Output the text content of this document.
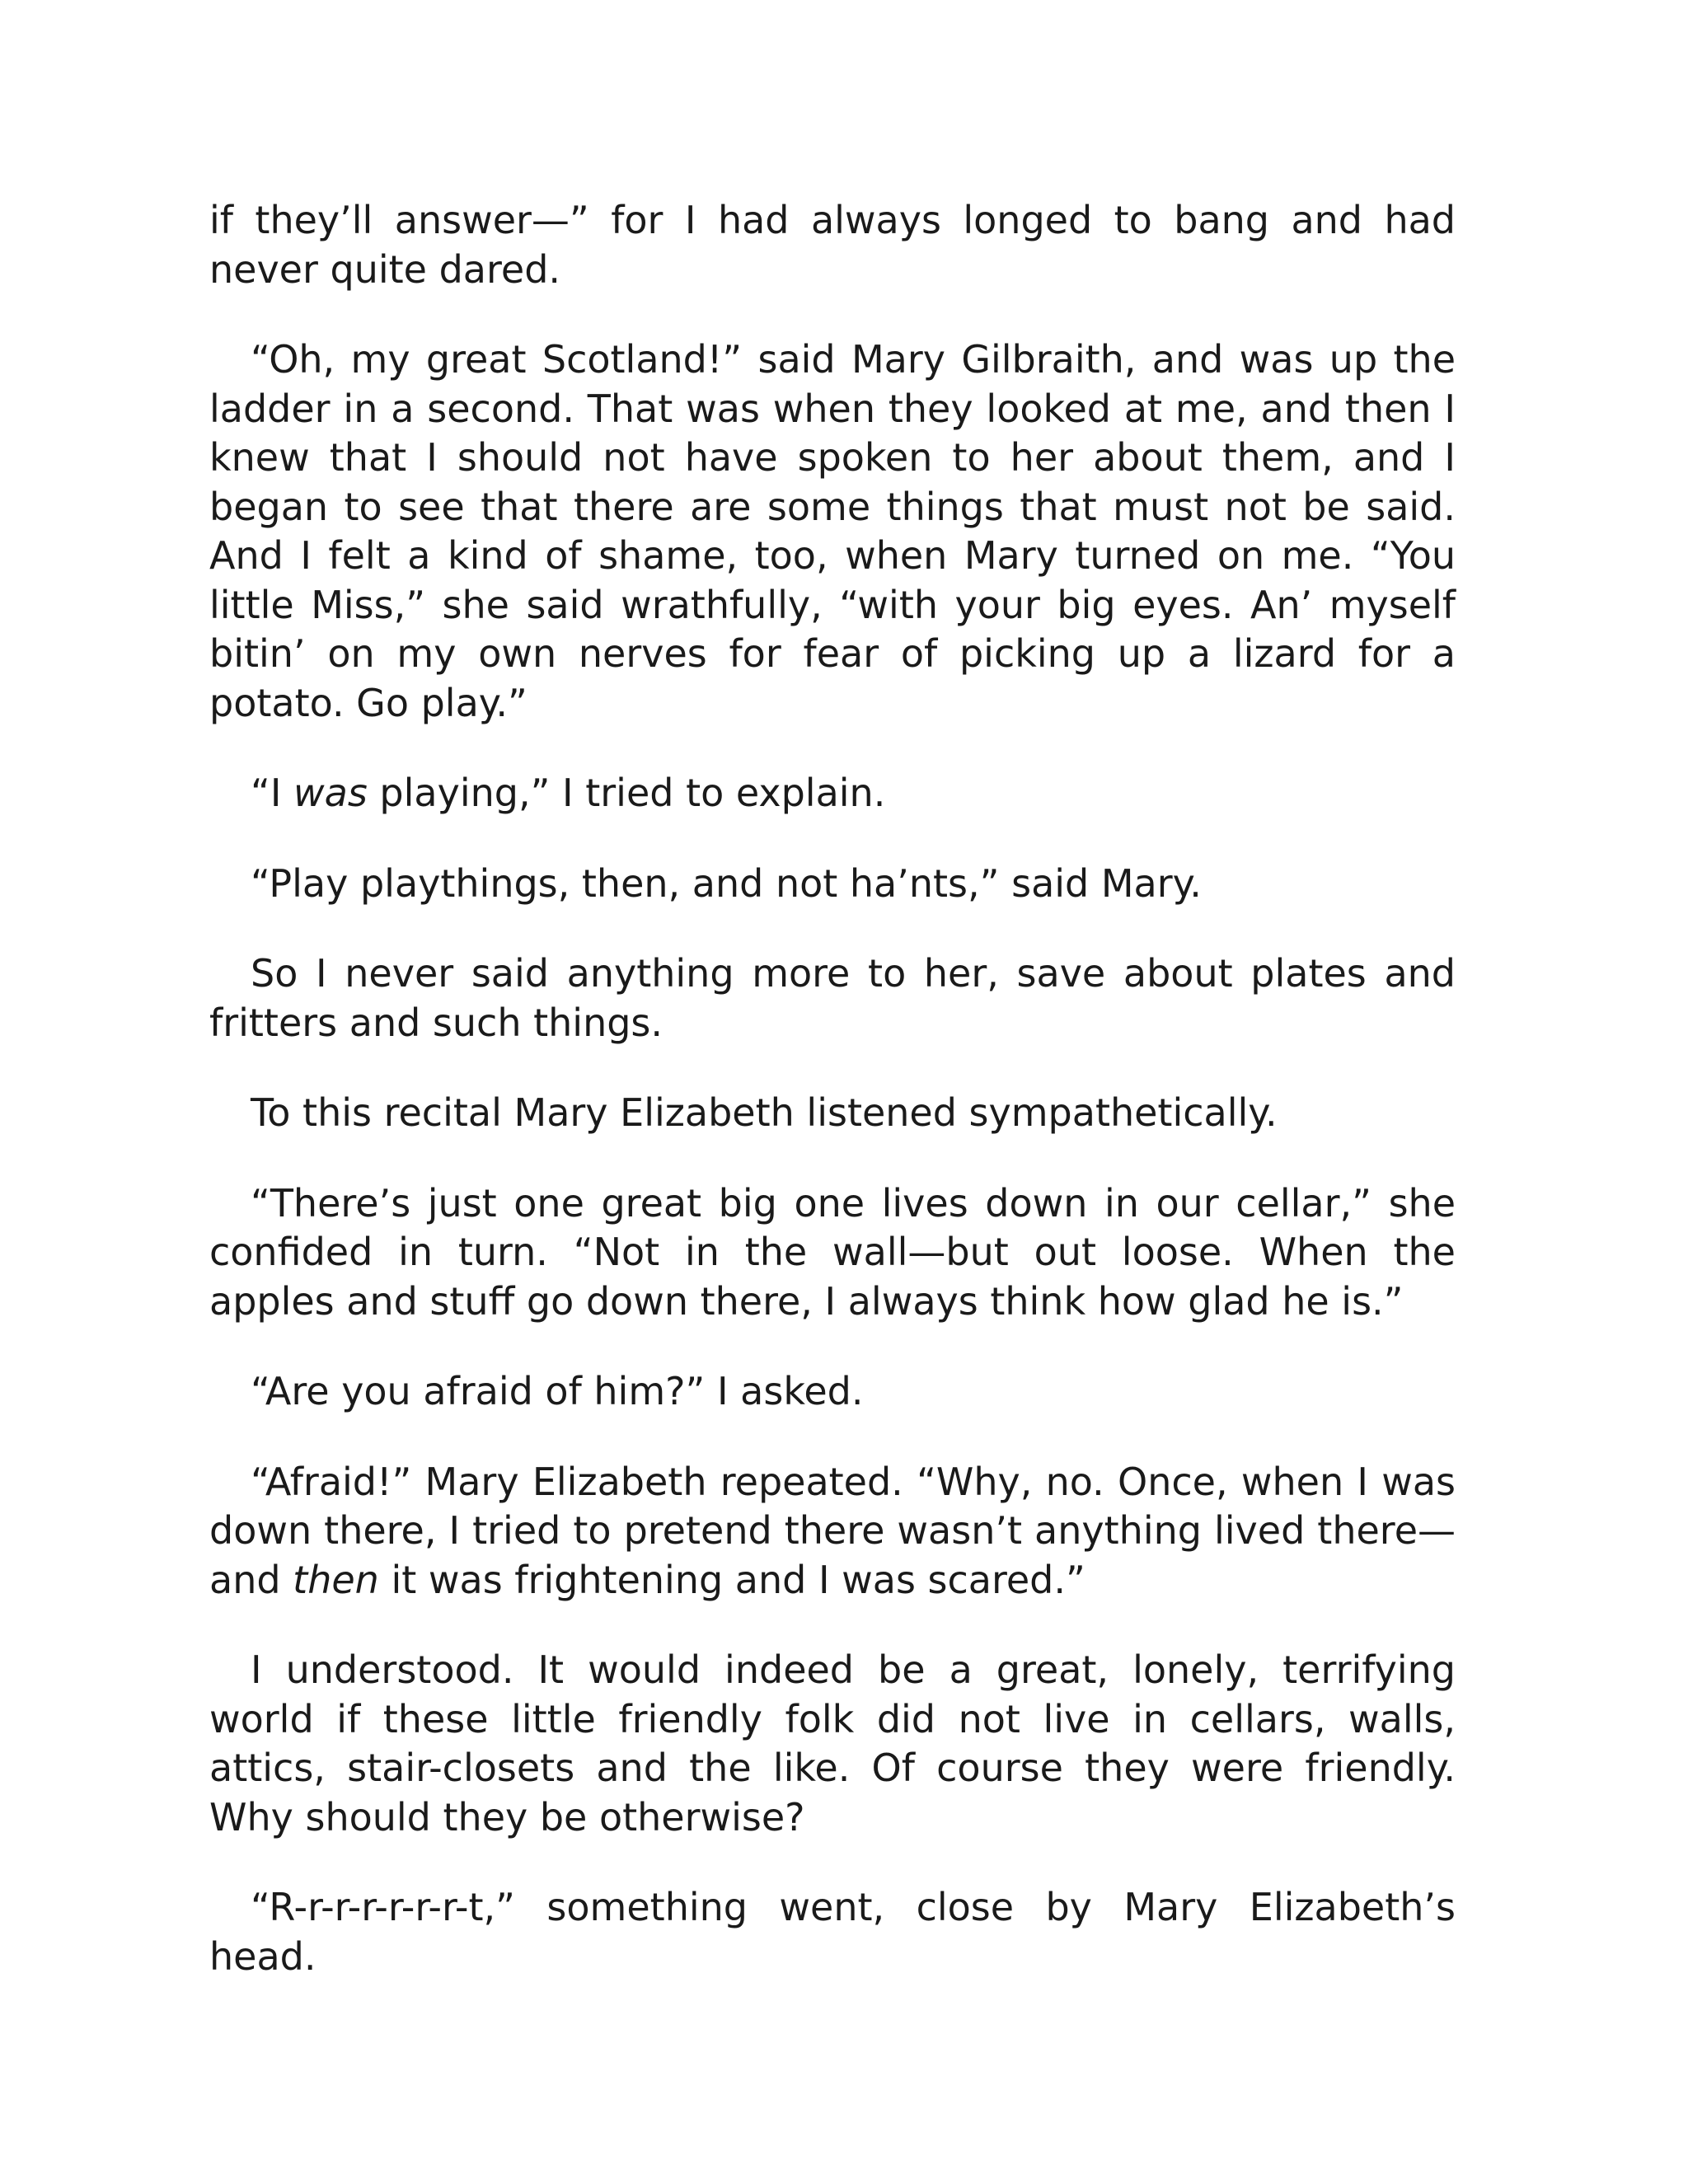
if they’ll answer—” for I had always longed to bang and had never quite dared.

“Oh, my great Scotland!” said Mary Gilbraith, and was up the ladder in a second. That was when they looked at me, and then I knew that I should not have spoken to her about them, and I began to see that there are some things that must not be said. And I felt a kind of shame, too, when Mary turned on me. “You little Miss,” she said wrathfully, “with your big eyes. An’ myself bitin’ on my own nerves for fear of picking up a lizard for a potato. Go play.”

“I was playing,” I tried to explain.

“Play playthings, then, and not ha’nts,” said Mary.

So I never said anything more to her, save about plates and fritters and such things.

To this recital Mary Elizabeth listened sympathetically.

“There’s just one great big one lives down in our cellar,” she confided in turn. “Not in the wall—but out loose. When the apples and stuff go down there, I always think how glad he is.”

“Are you afraid of him?” I asked.

“Afraid!” Mary Elizabeth repeated. “Why, no. Once, when I was down there, I tried to pretend there wasn’t anything lived there—and then it was frightening and I was scared.”

I understood. It would indeed be a great, lonely, terrifying world if these little friendly folk did not live in cellars, walls, attics, stair-closets and the like. Of course they were friendly. Why should they be otherwise?

“R-r-r-r-r-r-r-t,” something went, close by Mary Elizabeth’s head.
